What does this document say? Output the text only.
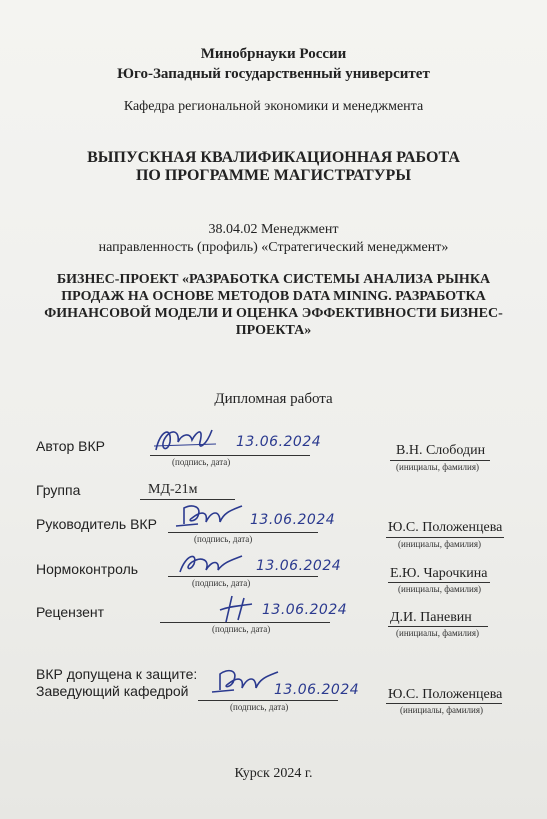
Минобрнауки России
Юго-Западный государственный университет
Кафедра региональной экономики и менеджмента
ВЫПУСКНАЯ КВАЛИФИКАЦИОННАЯ РАБОТА
ПО ПРОГРАММЕ МАГИСТРАТУРЫ
38.04.02 Менеджмент
направленность (профиль) «Стратегический менеджмент»
БИЗНЕС-ПРОЕКТ «РАЗРАБОТКА СИСТЕМЫ АНАЛИЗА РЫНКА
ПРОДАЖ НА ОСНОВЕ МЕТОДОВ DATA MINING. РАЗРАБОТКА
ФИНАНСОВОЙ МОДЕЛИ И ОЦЕНКА ЭФФЕКТИВНОСТИ БИЗНЕС-
ПРОЕКТА»
Дипломная работа
Автор ВКР
(подпись, дата)
13.06.2024
В.Н. Слободин
(инициалы, фамилия)
Группа	МД-21м
Руководитель ВКР
(подпись, дата)
13.06.2024	Ю.С. Положенцева
(инициалы, фамилия)
Нормоконтроль
(подпись, дата)
13.06.2024	Е.Ю. Чарочкина
(инициалы, фамилия)
Рецензент
(подпись, дата)
13.06.2024	Д.И. Паневин
(инициалы, фамилия)
ВКР допущена к защите:
Заведующий кафедрой
(подпись, дата)
13.06.2024 Ю.С. Положенцева
(инициалы, фамилия)
Курск 2024 г.
